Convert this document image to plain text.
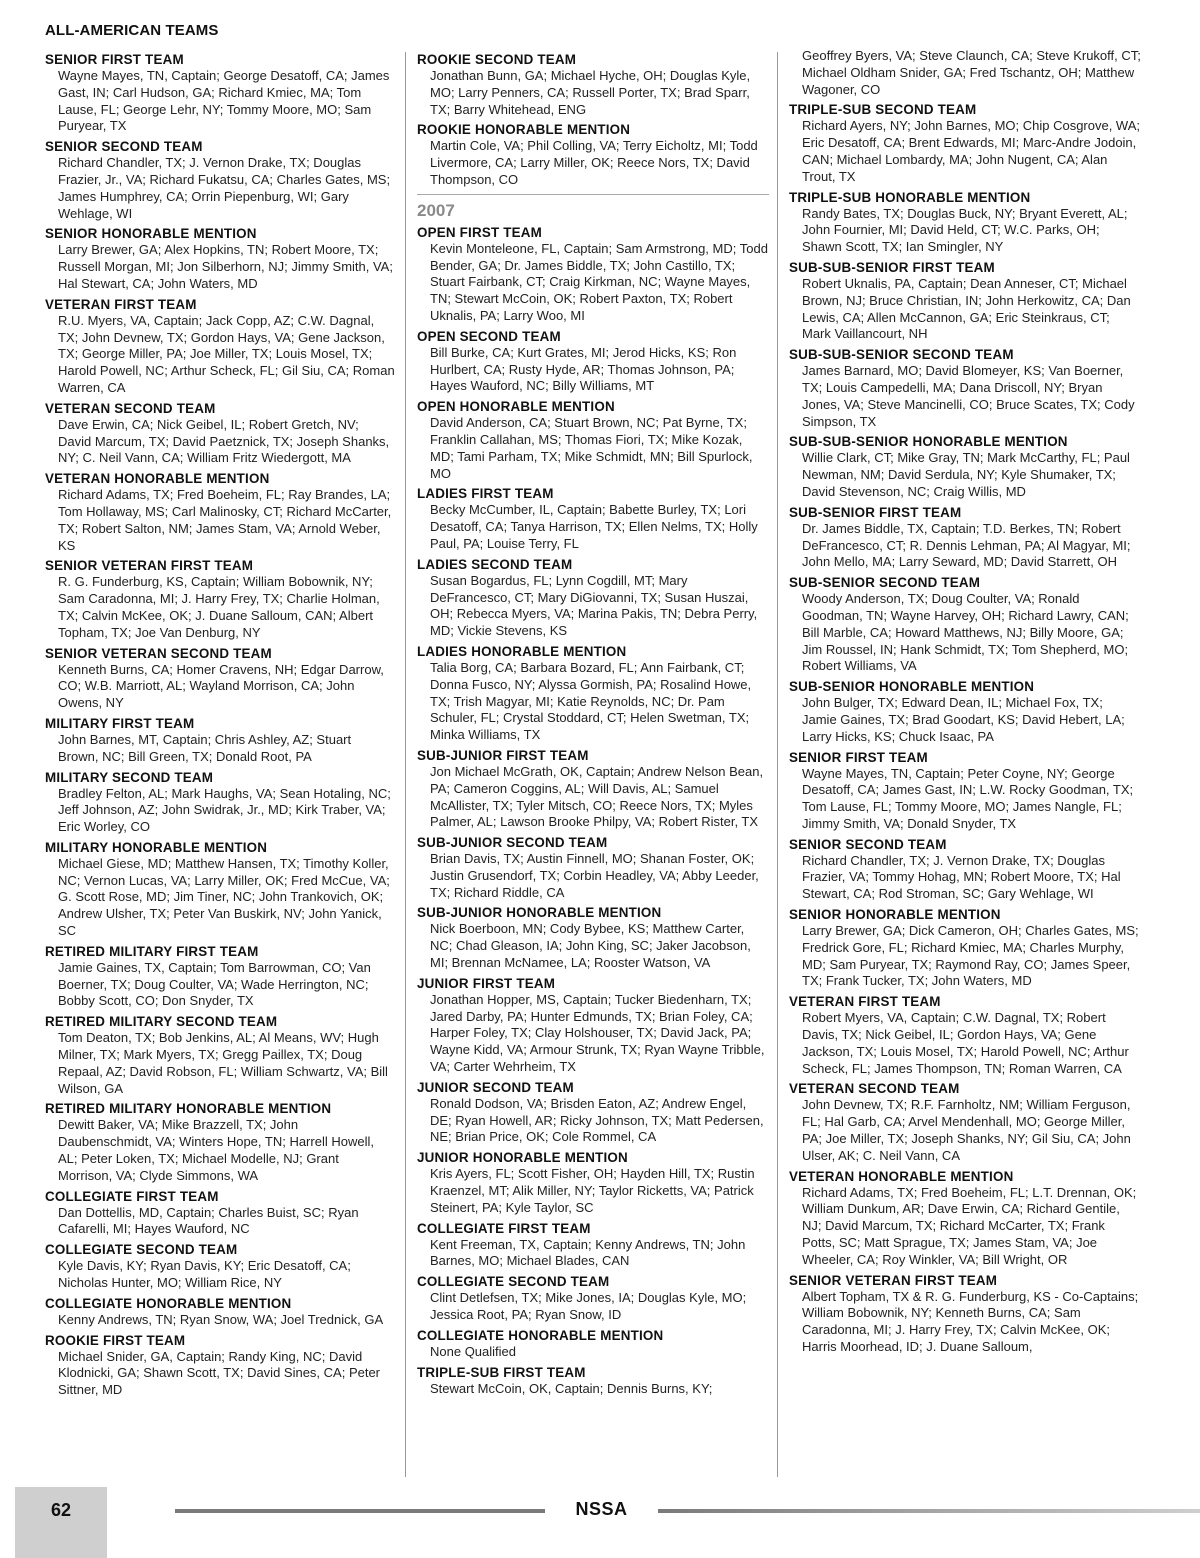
ALL-AMERICAN TEAMS
SENIOR FIRST TEAM
Wayne Mayes, TN, Captain; George Desatoff, CA; James Gast, IN; Carl Hudson, GA; Richard Kmiec, MA; Tom Lause, FL; George Lehr, NY; Tommy Moore, MO; Sam Puryear, TX
SENIOR SECOND TEAM
Richard Chandler, TX; J. Vernon Drake, TX; Douglas Frazier, Jr., VA; Richard Fukatsu, CA; Charles Gates, MS; James Humphrey, CA; Orrin Piepenburg, WI; Gary Wehlage, WI
SENIOR HONORABLE MENTION
Larry Brewer, GA; Alex Hopkins, TN; Robert Moore, TX; Russell Morgan, MI; Jon Silberhorn, NJ; Jimmy Smith, VA; Hal Stewart, CA; John Waters, MD
VETERAN FIRST TEAM
R.U. Myers, VA, Captain; Jack Copp, AZ; C.W. Dagnal, TX; John Devnew, TX; Gordon Hays, VA; Gene Jackson, TX; George Miller, PA; Joe Miller, TX; Louis Mosel, TX; Harold Powell, NC; Arthur Scheck, FL; Gil Siu, CA; Roman Warren, CA
VETERAN SECOND TEAM
Dave Erwin, CA; Nick Geibel, IL; Robert Gretch, NV; David Marcum, TX; David Paetznick, TX; Joseph Shanks, NY; C. Neil Vann, CA; William Fritz Wiedergott, MA
VETERAN HONORABLE MENTION
Richard Adams, TX; Fred Boeheim, FL; Ray Brandes, LA; Tom Hollaway, MS; Carl Malinosky, CT; Richard McCarter, TX; Robert Salton, NM; James Stam, VA; Arnold Weber, KS
SENIOR VETERAN FIRST TEAM
R. G. Funderburg, KS, Captain; William Bobownik, NY; Sam Caradonna, MI; J. Harry Frey, TX; Charlie Holman, TX; Calvin McKee, OK; J. Duane Salloum, CAN; Albert Topham, TX; Joe Van Denburg, NY
SENIOR VETERAN SECOND TEAM
Kenneth Burns, CA; Homer Cravens, NH; Edgar Darrow, CO; W.B. Marriott, AL; Wayland Morrison, CA; John Owens, NY
MILITARY FIRST TEAM
John Barnes, MT, Captain; Chris Ashley, AZ; Stuart Brown, NC; Bill Green, TX; Donald Root, PA
MILITARY SECOND TEAM
Bradley Felton, AL; Mark Haughs, VA; Sean Hotaling, NC; Jeff Johnson, AZ; John Swidrak, Jr., MD; Kirk Traber, VA; Eric Worley, CO
MILITARY HONORABLE MENTION
Michael Giese, MD; Matthew Hansen, TX; Timothy Koller, NC; Vernon Lucas, VA; Larry Miller, OK; Fred McCue, VA; G. Scott Rose, MD; Jim Tiner, NC; John Trankovich, OK; Andrew Ulsher, TX; Peter Van Buskirk, NV; John Yanick, SC
RETIRED MILITARY FIRST TEAM
Jamie Gaines, TX, Captain; Tom Barrowman, CO; Van Boerner, TX; Doug Coulter, VA; Wade Herrington, NC; Bobby Scott, CO; Don Snyder, TX
RETIRED MILITARY SECOND TEAM
Tom Deaton, TX; Bob Jenkins, AL; Al Means, WV; Hugh Milner, TX; Mark Myers, TX; Gregg Paillex, TX; Doug Repaal, AZ; David Robson, FL; William Schwartz, VA; Bill Wilson, GA
RETIRED MILITARY HONORABLE MENTION
Dewitt Baker, VA; Mike Brazzell, TX; John Daubenschmidt, VA; Winters Hope, TN; Harrell Howell, AL; Peter Loken, TX; Michael Modelle, NJ; Grant Morrison, VA; Clyde Simmons, WA
COLLEGIATE FIRST TEAM
Dan Dottellis, MD, Captain; Charles Buist, SC; Ryan Cafarelli, MI; Hayes Wauford, NC
COLLEGIATE SECOND TEAM
Kyle Davis, KY; Ryan Davis, KY; Eric Desatoff, CA; Nicholas Hunter, MO; William Rice, NY
COLLEGIATE HONORABLE MENTION
Kenny Andrews, TN; Ryan Snow, WA; Joel Trednick, GA
ROOKIE FIRST TEAM
Michael Snider, GA, Captain; Randy King, NC; David Klodnicki, GA; Shawn Scott, TX; David Sines, CA; Peter Sittner, MD
ROOKIE SECOND TEAM
Jonathan Bunn, GA; Michael Hyche, OH; Douglas Kyle, MO; Larry Penners, CA; Russell Porter, TX; Brad Sparr, TX; Barry Whitehead, ENG
ROOKIE HONORABLE MENTION
Martin Cole, VA; Phil Colling, VA; Terry Eicholtz, MI; Todd Livermore, CA; Larry Miller, OK; Reece Nors, TX; David Thompson, CO
2007
OPEN FIRST TEAM
Kevin Monteleone, FL, Captain; Sam Armstrong, MD; Todd Bender, GA; Dr. James Biddle, TX; John Castillo, TX; Stuart Fairbank, CT; Craig Kirkman, NC; Wayne Mayes, TN; Stewart McCoin, OK; Robert Paxton, TX; Robert Uknalis, PA; Larry Woo, MI
OPEN SECOND TEAM
Bill Burke, CA; Kurt Grates, MI; Jerod Hicks, KS; Ron Hurlbert, CA; Rusty Hyde, AR; Thomas Johnson, PA; Hayes Wauford, NC; Billy Williams, MT
OPEN HONORABLE MENTION
David Anderson, CA; Stuart Brown, NC; Pat Byrne, TX; Franklin Callahan, MS; Thomas Fiori, TX; Mike Kozak, MD; Tami Parham, TX; Mike Schmidt, MN; Bill Spurlock, MO
LADIES FIRST TEAM
Becky McCumber, IL, Captain; Babette Burley, TX; Lori Desatoff, CA; Tanya Harrison, TX; Ellen Nelms, TX; Holly Paul, PA; Louise Terry, FL
LADIES SECOND TEAM
Susan Bogardus, FL; Lynn Cogdill, MT; Mary DeFrancesco, CT; Mary DiGiovanni, TX; Susan Huszai, OH; Rebecca Myers, VA; Marina Pakis, TN; Debra Perry, MD; Vickie Stevens, KS
LADIES HONORABLE MENTION
Talia Borg, CA; Barbara Bozard, FL; Ann Fairbank, CT; Donna Fusco, NY; Alyssa Gormish, PA; Rosalind Howe, TX; Trish Magyar, MI; Katie Reynolds, NC; Dr. Pam Schuler, FL; Crystal Stoddard, CT; Helen Swetman, TX; Minka Williams, TX
SUB-JUNIOR FIRST TEAM
Jon Michael McGrath, OK, Captain; Andrew Nelson Bean, PA; Cameron Coggins, AL; Will Davis, AL; Samuel McAllister, TX; Tyler Mitsch, CO; Reece Nors, TX; Myles Palmer, AL; Lawson Brooke Philpy, VA; Robert Rister, TX
SUB-JUNIOR SECOND TEAM
Brian Davis, TX; Austin Finnell, MO; Shanan Foster, OK; Justin Grusendorf, TX; Corbin Headley, VA; Abby Leeder, TX; Richard Riddle, CA
SUB-JUNIOR HONORABLE MENTION
Nick Boerboon, MN; Cody Bybee, KS; Matthew Carter, NC; Chad Gleason, IA; John King, SC; Jaker Jacobson, MI; Brennan McNamee, LA; Rooster Watson, VA
JUNIOR FIRST TEAM
Jonathan Hopper, MS, Captain; Tucker Biedenharn, TX; Jared Darby, PA; Hunter Edmunds, TX; Brian Foley, CA; Harper Foley, TX; Clay Holshouser, TX; David Jack, PA; Wayne Kidd, VA; Armour Strunk, TX; Ryan Wayne Tribble, VA; Carter Wehrheim, TX
JUNIOR SECOND TEAM
Ronald Dodson, VA; Brisden Eaton, AZ; Andrew Engel, DE; Ryan Howell, AR; Ricky Johnson, TX; Matt Pedersen, NE; Brian Price, OK; Cole Rommel, CA
JUNIOR HONORABLE MENTION
Kris Ayers, FL; Scott Fisher, OH; Hayden Hill, TX; Rustin Kraenzel, MT; Alik Miller, NY; Taylor Ricketts, VA; Patrick Steinert, PA; Kyle Taylor, SC
COLLEGIATE FIRST TEAM
Kent Freeman, TX, Captain; Kenny Andrews, TN; John Barnes, MO; Michael Blades, CAN
COLLEGIATE SECOND TEAM
Clint Detlefsen, TX; Mike Jones, IA; Douglas Kyle, MO; Jessica Root, PA; Ryan Snow, ID
COLLEGIATE HONORABLE MENTION
None Qualified
TRIPLE-SUB FIRST TEAM
Stewart McCoin, OK, Captain; Dennis Burns, KY;
Geoffrey Byers, VA; Steve Claunch, CA; Steve Krukoff, CT; Michael Oldham Snider, GA; Fred Tschantz, OH; Matthew Wagoner, CO
TRIPLE-SUB SECOND TEAM
Richard Ayers, NY; John Barnes, MO; Chip Cosgrove, WA; Eric Desatoff, CA; Brent Edwards, MI; Marc-Andre Jodoin, CAN; Michael Lombardy, MA; John Nugent, CA; Alan Trout, TX
TRIPLE-SUB HONORABLE MENTION
Randy Bates, TX; Douglas Buck, NY; Bryant Everett, AL; John Fournier, MI; David Held, CT; W.C. Parks, OH; Shawn Scott, TX; Ian Smingler, NY
SUB-SUB-SENIOR FIRST TEAM
Robert Uknalis, PA, Captain; Dean Anneser, CT; Michael Brown, NJ; Bruce Christian, IN; John Herkowitz, CA; Dan Lewis, CA; Allen McCannon, GA; Eric Steinkraus, CT; Mark Vaillancourt, NH
SUB-SUB-SENIOR SECOND TEAM
James Barnard, MO; David Blomeyer, KS; Van Boerner, TX; Louis Campedelli, MA; Dana Driscoll, NY; Bryan Jones, VA; Steve Mancinelli, CO; Bruce Scates, TX; Cody Simpson, TX
SUB-SUB-SENIOR HONORABLE MENTION
Willie Clark, CT; Mike Gray, TN; Mark McCarthy, FL; Paul Newman, NM; David Serdula, NY; Kyle Shumaker, TX; David Stevenson, NC; Craig Willis, MD
SUB-SENIOR FIRST TEAM
Dr. James Biddle, TX, Captain; T.D. Berkes, TN; Robert DeFrancesco, CT; R. Dennis Lehman, PA; Al Magyar, MI; John Mello, MA; Larry Seward, MD; David Starrett, OH
SUB-SENIOR SECOND TEAM
Woody Anderson, TX; Doug Coulter, VA; Ronald Goodman, TN; Wayne Harvey, OH; Richard Lawry, CAN; Bill Marble, CA; Howard Matthews, NJ; Billy Moore, GA; Jim Roussel, IN; Hank Schmidt, TX; Tom Shepherd, MO; Robert Williams, VA
SUB-SENIOR HONORABLE MENTION
John Bulger, TX; Edward Dean, IL; Michael Fox, TX; Jamie Gaines, TX; Brad Goodart, KS; David Hebert, LA; Larry Hicks, KS; Chuck Isaac, PA
SENIOR FIRST TEAM
Wayne Mayes, TN, Captain; Peter Coyne, NY; George Desatoff, CA; James Gast, IN; L.W. Rocky Goodman, TX; Tom Lause, FL; Tommy Moore, MO; James Nangle, FL; Jimmy Smith, VA; Donald Snyder, TX
SENIOR SECOND TEAM
Richard Chandler, TX; J. Vernon Drake, TX; Douglas Frazier, VA; Tommy Hohag, MN; Robert Moore, TX; Hal Stewart, CA; Rod Stroman, SC; Gary Wehlage, WI
SENIOR HONORABLE MENTION
Larry Brewer, GA; Dick Cameron, OH; Charles Gates, MS; Fredrick Gore, FL; Richard Kmiec, MA; Charles Murphy, MD; Sam Puryear, TX; Raymond Ray, CO; James Speer, TX; Frank Tucker, TX; John Waters, MD
VETERAN FIRST TEAM
Robert Myers, VA, Captain; C.W. Dagnal, TX; Robert Davis, TX; Nick Geibel, IL; Gordon Hays, VA; Gene Jackson, TX; Louis Mosel, TX; Harold Powell, NC; Arthur Scheck, FL; James Thompson, TN; Roman Warren, CA
VETERAN SECOND TEAM
John Devnew, TX; R.F. Farnholtz, NM; William Ferguson, FL; Hal Garb, CA; Arvel Mendenhall, MO; George Miller, PA; Joe Miller, TX; Joseph Shanks, NY; Gil Siu, CA; John Ulser, AK; C. Neil Vann, CA
VETERAN HONORABLE MENTION
Richard Adams, TX; Fred Boeheim, FL; L.T. Drennan, OK; William Dunkum, AR; Dave Erwin, CA; Richard Gentile, NJ; David Marcum, TX; Richard McCarter, TX; Frank Potts, SC; Matt Sprague, TX; James Stam, VA; Joe Wheeler, CA; Roy Winkler, VA; Bill Wright, OR
SENIOR VETERAN FIRST TEAM
Albert Topham, TX & R. G. Funderburg, KS - Co-Captains; William Bobownik, NY; Kenneth Burns, CA; Sam Caradonna, MI; J. Harry Frey, TX; Calvin McKee, OK; Harris Moorhead, ID; J. Duane Salloum,
62	NSSA
